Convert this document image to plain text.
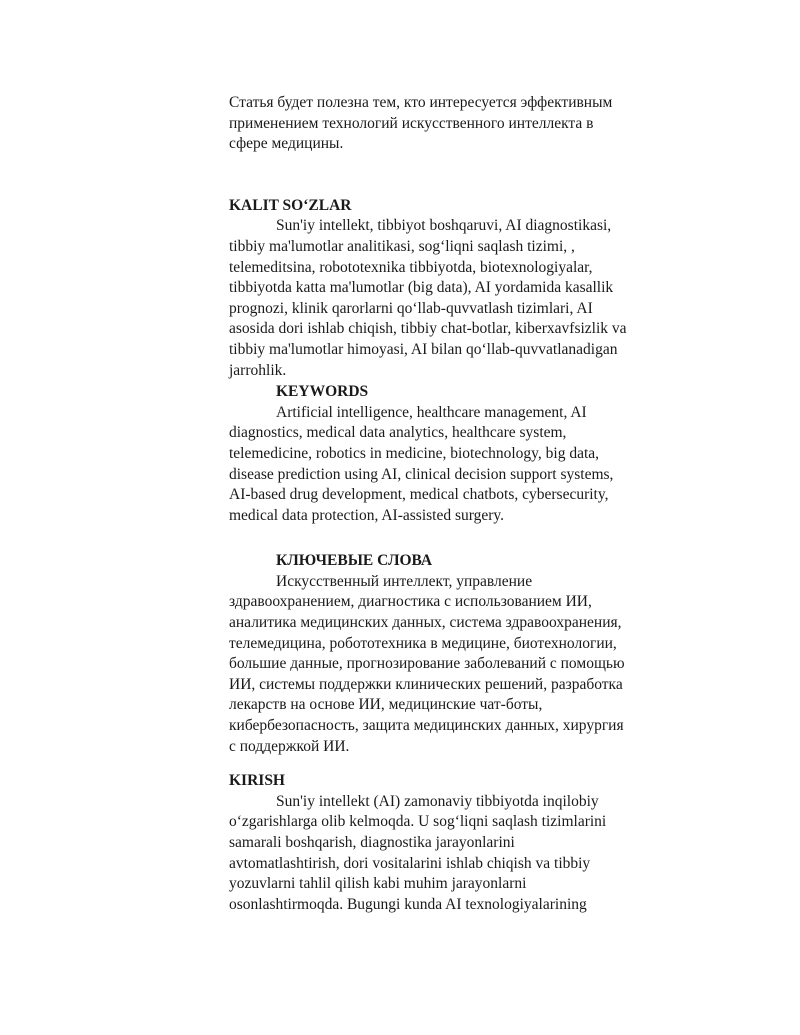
Статья будет полезна тем, кто интересуется эффективным применением технологий искусственного интеллекта в сфере медицины.

KALIT SO‘ZLAR

Sun'iy intellekt, tibbiyot boshqaruvi, AI diagnostikasi, tibbiy ma'lumotlar analitikasi, sog‘liqni saqlash tizimi, , telemeditsina, robototexnika tibbiyotda, biotexnologiyalar, tibbiyotda katta ma'lumotlar (big data), AI yordamida kasallik prognozi, klinik qarorlarni qo‘llab-quvvatlash tizimlari, AI asosida dori ishlab chiqish, tibbiy chat-botlar, kiberxavfsizlik va tibbiy ma'lumotlar himoyasi, AI bilan qo‘llab-quvvatlanadigan jarrohlik.

KEYWORDS

Artificial intelligence, healthcare management, AI diagnostics, medical data analytics, healthcare system, telemedicine, robotics in medicine, biotechnology, big data, disease prediction using AI, clinical decision support systems, AI-based drug development, medical chatbots, cybersecurity, medical data protection, AI-assisted surgery.

КЛЮЧЕВЫЕ СЛОВА

Искусственный интеллект, управление здравоохранением, диагностика с использованием ИИ, аналитика медицинских данных, система здравоохранения, телемедицина, робототехника в медицине, биотехнологии, большие данные, прогнозирование заболеваний с помощью ИИ, системы поддержки клинических решений, разработка лекарств на основе ИИ, медицинские чат-боты, кибербезопасность, защита медицинских данных, хирургия с поддержкой ИИ.

KIRISH

Sun'iy intellekt (AI) zamonaviy tibbiyotda inqilobiy o‘zgarishlarga olib kelmoqda. U sog‘liqni saqlash tizimlarini samarali boshqarish, diagnostika jarayonlarini avtomatlashtirish, dori vositalarini ishlab chiqish va tibbiy yozuvlarni tahlil qilish kabi muhim jarayonlarni osonlashtirmoqda. Bugungi kunda AI texnologiyalarining
